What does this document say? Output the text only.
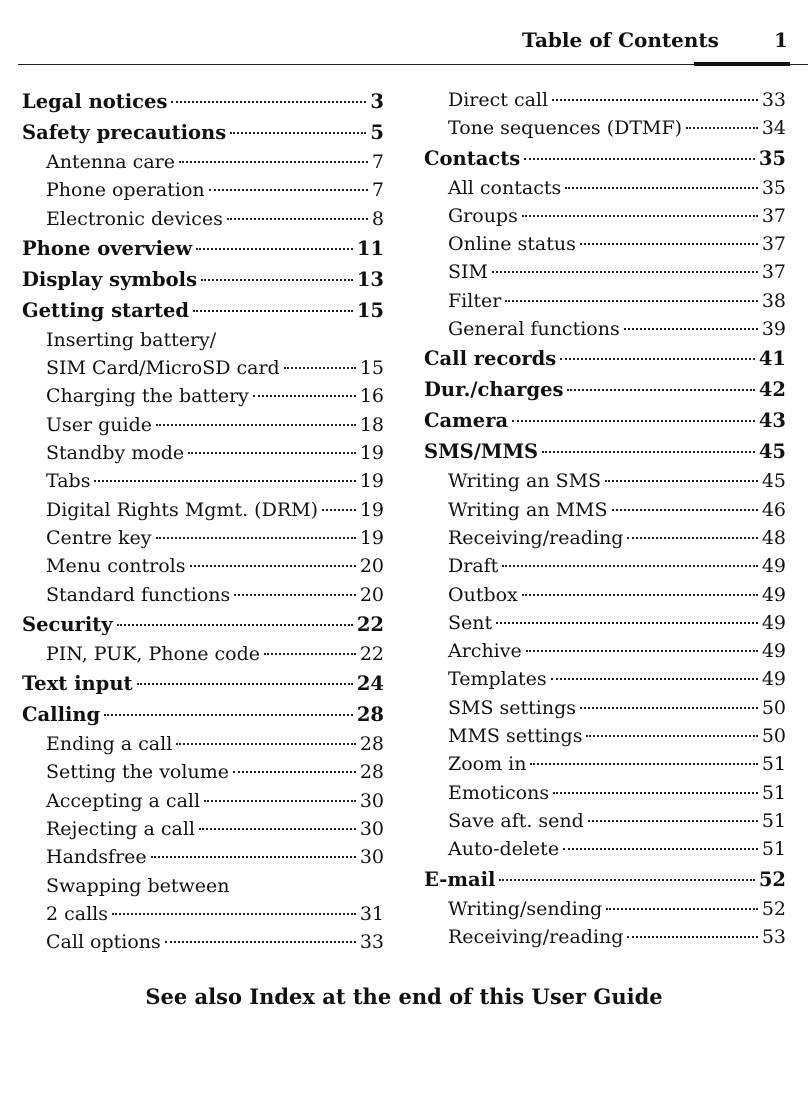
Table of Contents	1
Legal notices	3
Safety precautions	5
Antenna care	7
Phone operation	7
Electronic devices	8
Phone overview	11
Display symbols	13
Getting started	15
Inserting battery/
SIM Card/MicroSD card	15
Charging the battery	16
User guide	18
Standby mode	19
Tabs	19
Digital Rights Mgmt. (DRM) 19
Centre key	19
Menu controls	20
Standard functions	20
Security	22
PIN, PUK, Phone code	22
Text input	24
Calling	28
Ending a call	28
Setting the volume	28
Accepting a call	30
Rejecting a call	30
Handsfree	30
Swapping between
2 calls	31
Call options	33
Direct call	33
Tone sequences (DTMF)	34
Contacts	35
All contacts	35
Groups	37
Online status	37
SIM	37
Filter	38
General functions	39
Call records	41
Dur./charges	42
Camera	43
SMS/MMS	45
Writing an SMS	45
Writing an MMS	46
Receiving/reading	48
Draft	49
Outbox	49
Sent	49
Archive	49
Templates	49
SMS settings	50
MMS settings	50
Zoom in	51
Emoticons	51
Save aft. send	51
Auto-delete	51
E-mail	52
Writing/sending	52
Receiving/reading	53
See also Index at the end of this User Guide
